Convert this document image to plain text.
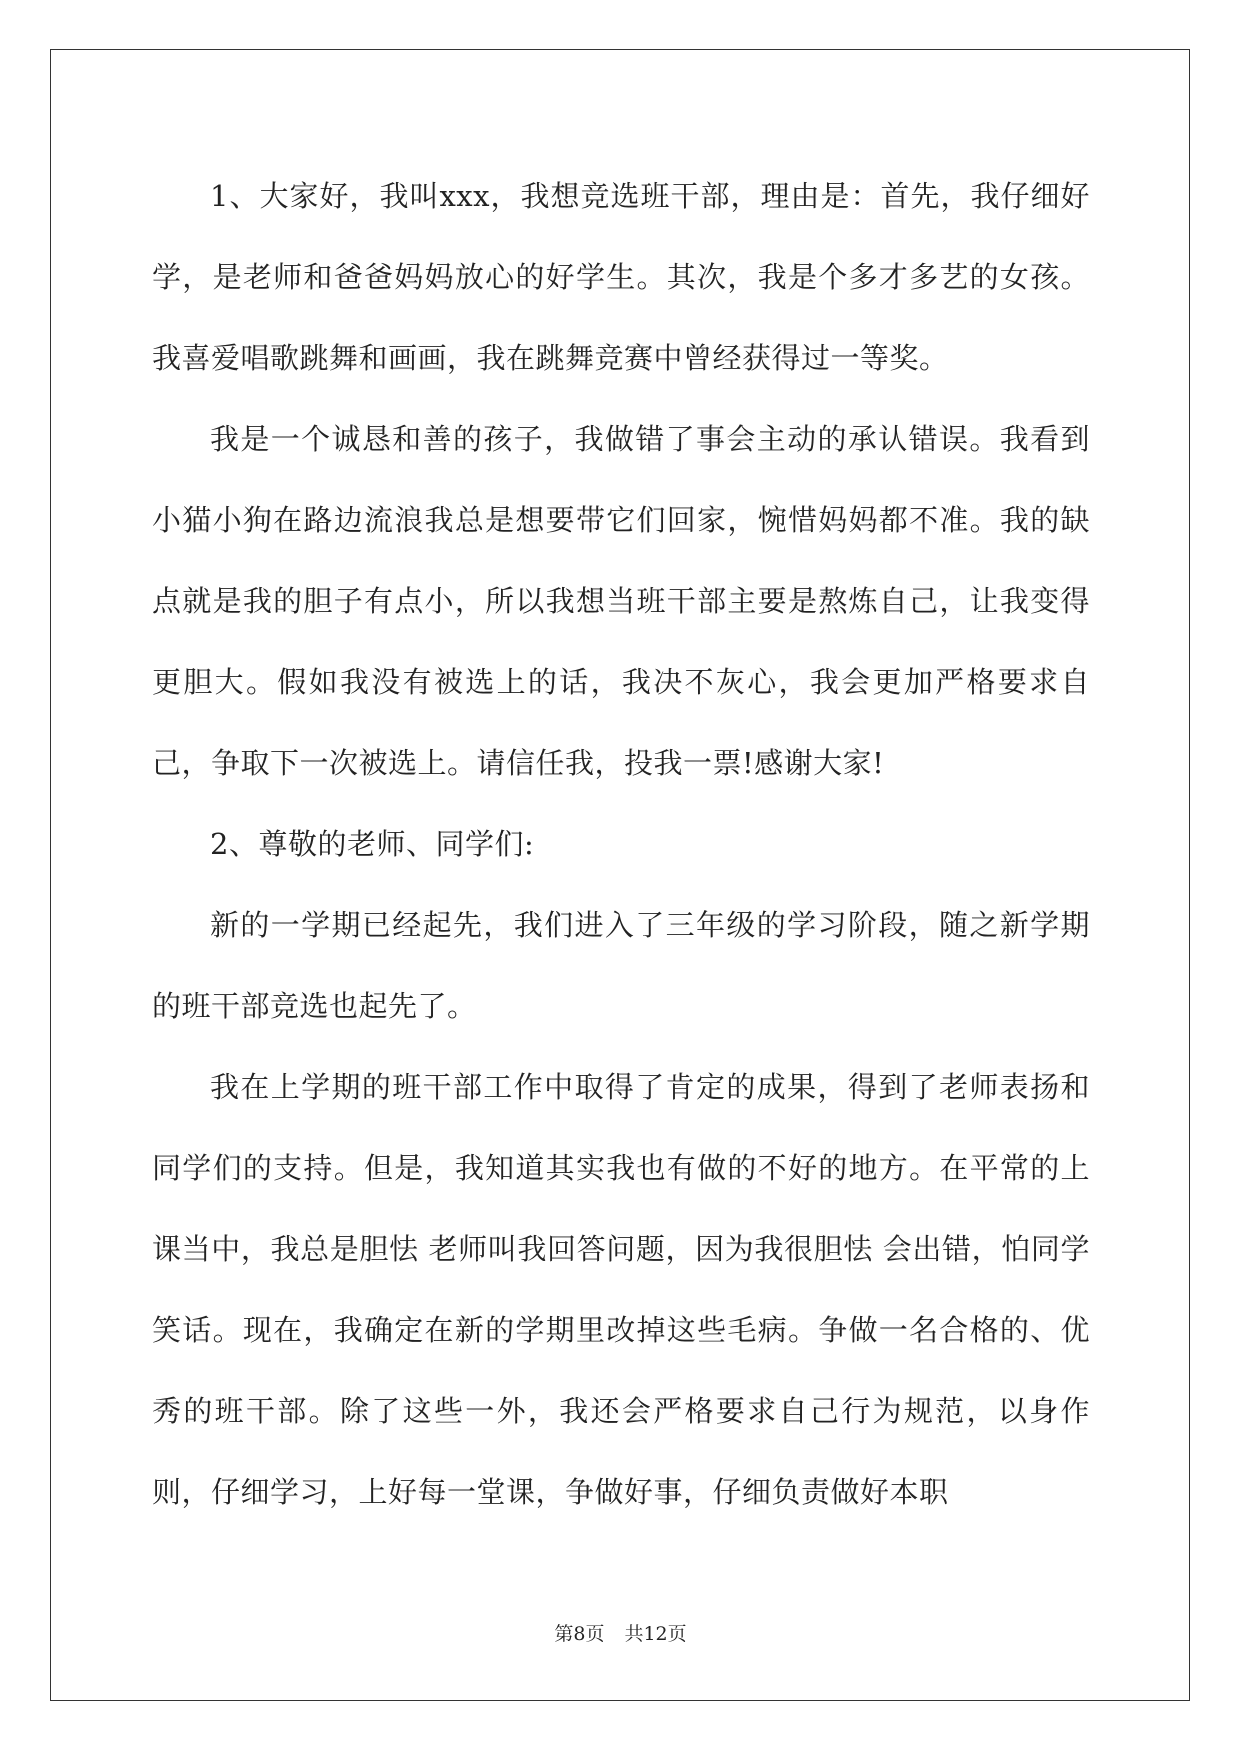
1、大家好，我叫xxx，我想竞选班干部，理由是：首先，我仔细好学，是老师和爸爸妈妈放心的好学生。其次，我是个多才多艺的女孩。我喜爱唱歌跳舞和画画，我在跳舞竞赛中曾经获得过一等奖。

我是一个诚恳和善的孩子，我做错了事会主动的承认错误。我看到小猫小狗在路边流浪我总是想要带它们回家，惋惜妈妈都不准。我的缺点就是我的胆子有点小，所以我想当班干部主要是熬炼自己，让我变得更胆大。假如我没有被选上的话，我决不灰心，我会更加严格要求自己，争取下一次被选上。请信任我，投我一票!感谢大家!

2、尊敬的老师、同学们:

新的一学期已经起先，我们进入了三年级的学习阶段，随之新学期的班干部竞选也起先了。

我在上学期的班干部工作中取得了肯定的成果，得到了老师表扬和同学们的支持。但是，我知道其实我也有做的不好的地方。在平常的上课当中，我总是胆怯 老师叫我回答问题，因为我很胆怯 会出错，怕同学笑话。现在，我确定在新的学期里改掉这些毛病。争做一名合格的、优秀的班干部。除了这些一外，我还会严格要求自己行为规范，以身作则，仔细学习，上好每一堂课，争做好事，仔细负责做好本职

第8页 共12页
